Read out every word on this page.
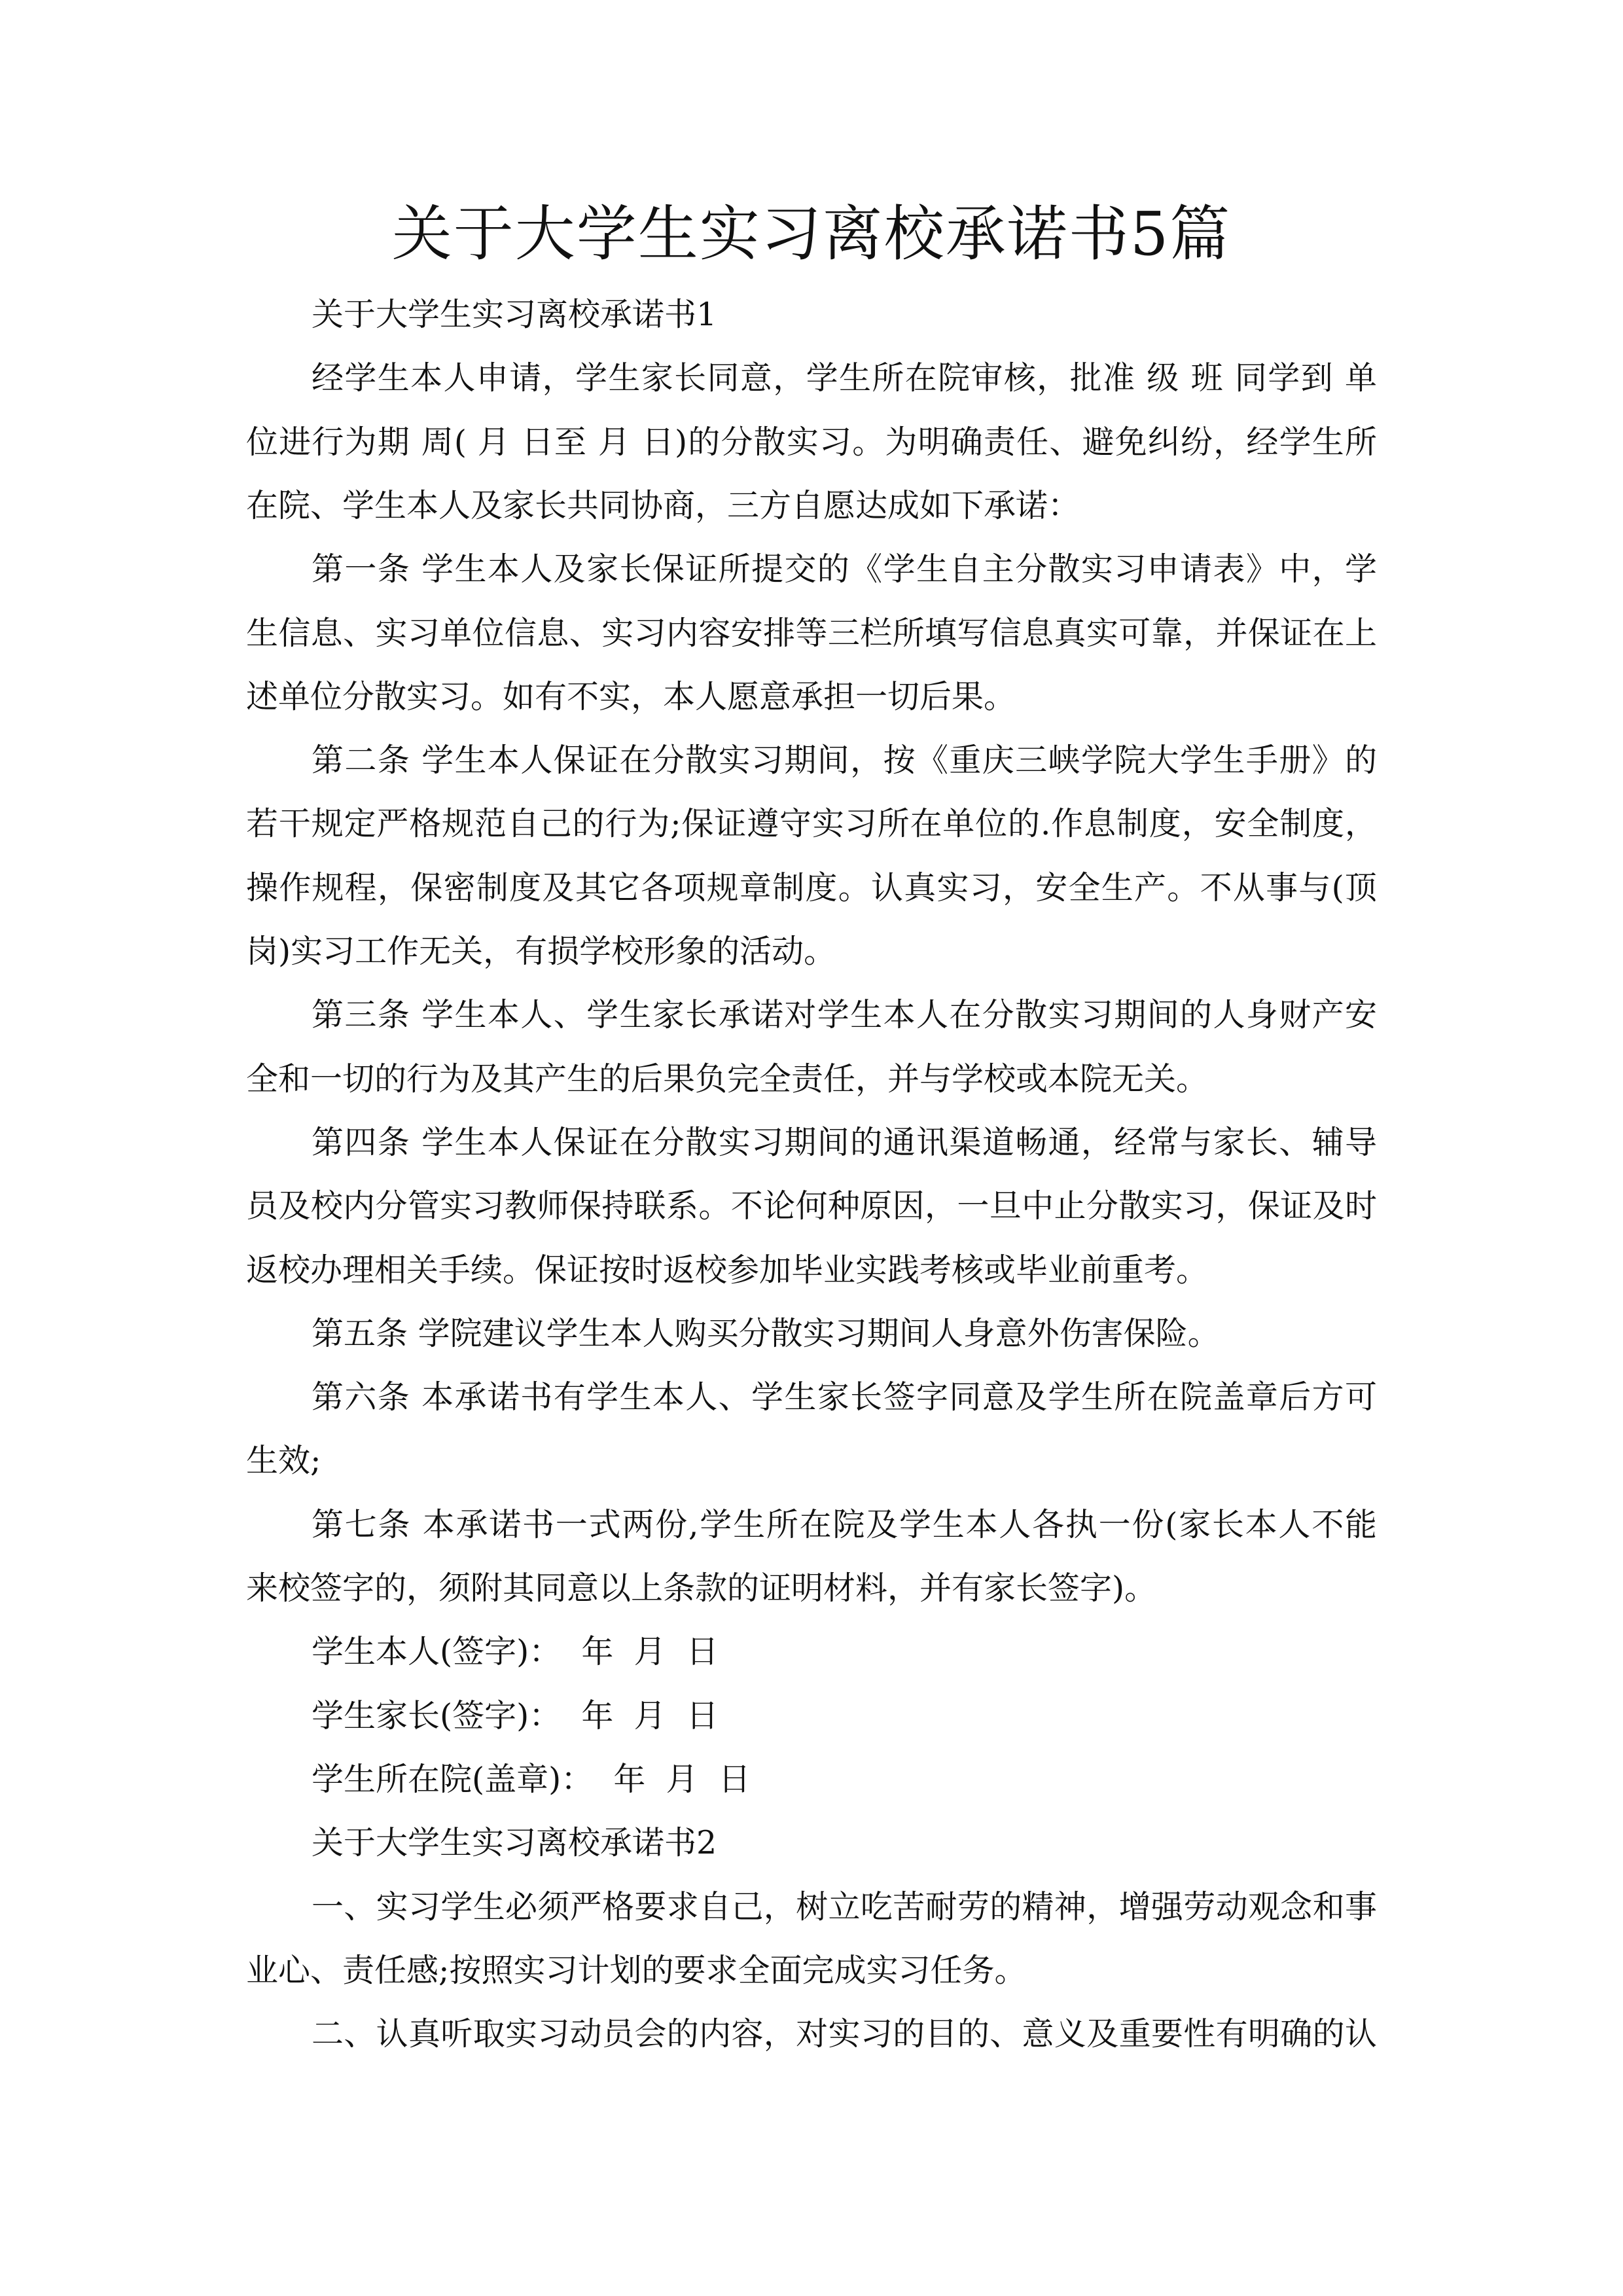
关于大学生实习离校承诺书5篇
关于大学生实习离校承诺书1
经学生本人申请，学生家长同意，学生所在院审核，批准 级 班 同学到 单
位进行为期 周( 月 日至 月 日)的分散实习。为明确责任、避免纠纷，经学生所
在院、学生本人及家长共同协商，三方自愿达成如下承诺：
第一条 学生本人及家长保证所提交的《学生自主分散实习申请表》中，学
生信息、实习单位信息、实习内容安排等三栏所填写信息真实可靠，并保证在上
述单位分散实习。如有不实，本人愿意承担一切后果。
第二条 学生本人保证在分散实习期间，按《重庆三峡学院大学生手册》的
若干规定严格规范自己的行为;保证遵守实习所在单位的.作息制度，安全制度，
操作规程，保密制度及其它各项规章制度。认真实习，安全生产。不从事与(顶
岗)实习工作无关，有损学校形象的活动。
第三条 学生本人、学生家长承诺对学生本人在分散实习期间的人身财产安
全和一切的行为及其产生的后果负完全责任，并与学校或本院无关。
第四条 学生本人保证在分散实习期间的通讯渠道畅通，经常与家长、辅导
员及校内分管实习教师保持联系。不论何种原因，一旦中止分散实习，保证及时
返校办理相关手续。保证按时返校参加毕业实践考核或毕业前重考。
第五条 学院建议学生本人购买分散实习期间人身意外伤害保险。
第六条 本承诺书有学生本人、学生家长签字同意及学生所在院盖章后方可
生效;
第七条 本承诺书一式两份,学生所在院及学生本人各执一份(家长本人不能
来校签字的，须附其同意以上条款的证明材料，并有家长签字)。
学生本人(签字)：  年  月  日
学生家长(签字)：  年  月  日
学生所在院(盖章)：  年  月  日
关于大学生实习离校承诺书2
一、实习学生必须严格要求自己，树立吃苦耐劳的精神，增强劳动观念和事
业心、责任感;按照实习计划的要求全面完成实习任务。
二、认真听取实习动员会的内容，对实习的目的、意义及重要性有明确的认
